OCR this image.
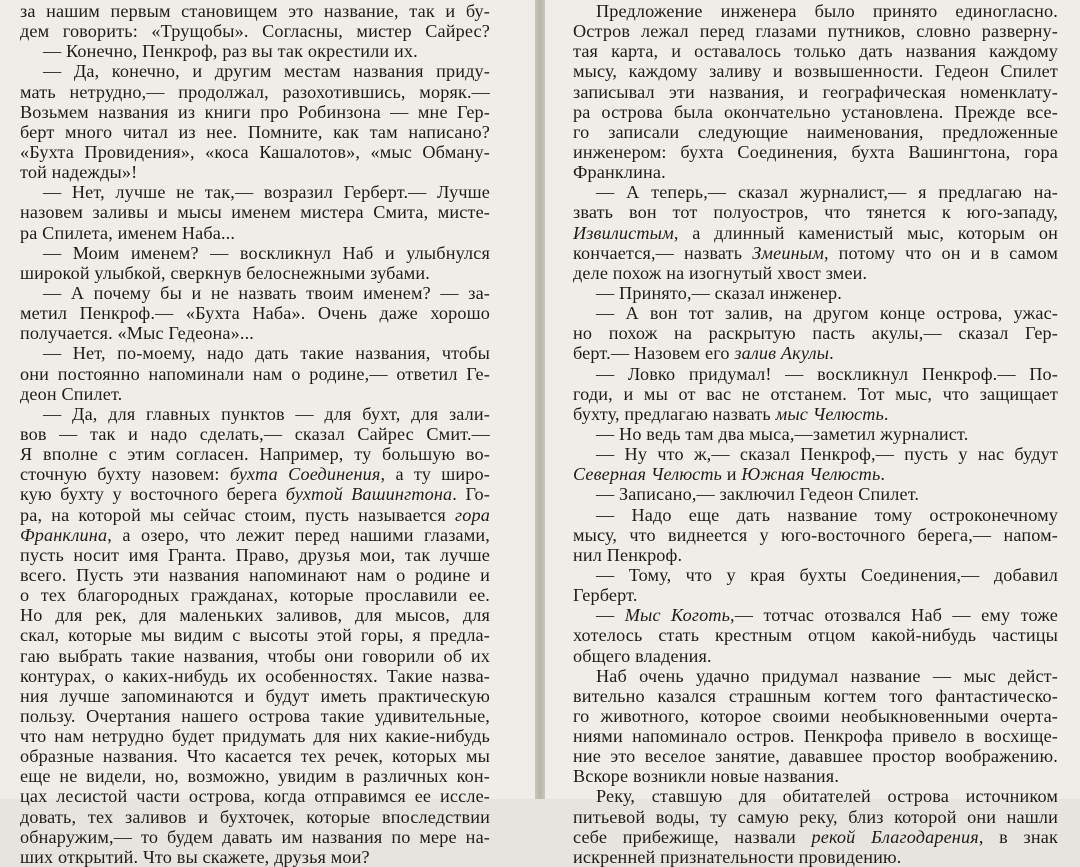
за нашим первым становищем это название, так и бу-
дем говорить: «Трущобы». Согласны, мистер Сайрес?
— Конечно, Пенкроф, раз вы так окрестили их.
— Да, конечно, и другим местам названия придy-
мать нетрудно,— продолжал, разохотившись, моряк.—
Возьмем названия из книги про Робинзона — мне Гер-
берт много читал из нее. Помните, как там написано?
«Бухта Провидения», «коса Кашалотов», «мыс Обману-
той надежды»!
— Нет, лучше не так,— возразил Герберт.— Лучше
назовем заливы и мысы именем мистера Смита, мисте-
ра Спилета, именем Наба...
— Моим именем? — воскликнул Наб и улыбнулся
широкой улыбкой, сверкнув белоснежными зубами.
— А почему бы и не назвать твоим именем? — за-
метил Пенкроф.— «Бухта Наба». Очень даже хорошо
получается. «Мыс Гедеона»...
— Нет, по-моему, надо дать такие названия, чтобы
они постоянно напоминали нам о родине,— ответил Ге-
деон Спилет.
— Да, для главных пунктов — для бухт, для зали-
вов — так и надо сделать,— сказал Сайрес Смит.—
Я вполне с этим согласен. Например, ту большую во-
сточную бухту назовем: бухта Соединения, а ту широ-
кую бухту у восточного берега бухтой Вашингтона. Го-
ра, на которой мы сейчас стоим, пусть называется гора
Франклина, а озеро, что лежит перед нашими глазами,
пусть носит имя Гранта. Право, друзья мои, так лучше
всего. Пусть эти названия напоминают нам о родине и
о тех благородных гражданах, которые прославили ее.
Но для рек, для маленьких заливов, для мысов, для
скал, которые мы видим с высоты этой горы, я предла-
гаю выбрать такие названия, чтобы они говорили об их
контурах, о каких-нибудь их особенностях. Такие назва-
ния лучше запоминаются и будут иметь практическую
пользу. Очертания нашего острова такие удивительные,
что нам нетрудно будет придумать для них какие-нибудь
образные названия. Что касается тех речек, которых мы
еще не видели, но, возможно, увидим в различных кон-
цах лесистой части острова, когда отправимся ее иссле-
довать, тех заливов и бухточек, которые впоследствии
обнаружим,— то будем давать им названия по мере на-
ших открытий. Что вы скажете, друзья мои?
Предложение инженера было принято единогласно.
Остров лежал перед глазами путников, словно разверну-
тая карта, и оставалось только дать названия каждому
мысу, каждому заливу и возвышенности. Гедеон Спилет
записывал эти названия, и географическая номенклату-
ра острова была окончательно установлена. Прежде все-
го записали следующие наименования, предложенные
инженером: бухта Соединения, бухта Вашингтона, гора
Франклина.
— А теперь,— сказал журналист,— я предлагаю на-
звать вон тот полуостров, что тянется к юго-западу,
Извилистым, а длинный каменистый мыс, которым он
кончается,— назвать Змеиным, потому что он и в самом
деле похож на изогнутый хвост змеи.
— Принято,— сказал инженер.
— А вон тот залив, на другом конце острова, ужас-
но похож на раскрытую пасть акулы,— сказал Гер-
берт.— Назовем его залив Акулы.
— Ловко придумал! — воскликнул Пенкроф.— По-
годи, и мы от вас не отстанем. Тот мыс, что защищает
бухту, предлагаю назвать мыс Челюсть.
— Но ведь там два мыса,—заметил журналист.
— Ну что ж,— сказал Пенкроф,— пусть у нас будут
Северная Челюсть и Южная Челюсть.
— Записано,— заключил Гедеон Спилет.
— Надо еще дать название тому остроконечному
мысу, что виднеется у юго-восточного берега,— напом-
нил Пенкроф.
— Тому, что у края бухты Соединения,— добавил
Герберт.
— Мыс Коготь,— тотчас отозвался Наб — ему тоже
хотелось стать крестным отцом какой-нибудь частицы
общего владения.
Наб очень удачно придумал название — мыс дейст-
вительно казался страшным когтем того фантастическо-
го животного, которое своими необыкновенными очерта-
ниями напоминало остров. Пенкрофа привело в восхище-
ние это веселое занятие, дававшее простор воображению.
Вскоре возникли новые названия.
Реку, ставшую для обитателей острова источником
питьевой воды, ту самую реку, близ которой они нашли
себе прибежище, назвали рекой Благодарения, в знак
искренней признательности провидению.
